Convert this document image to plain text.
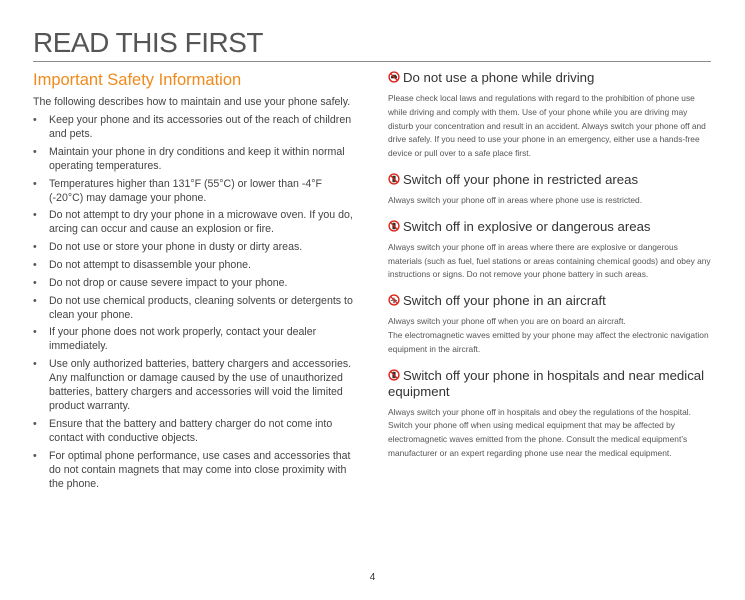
READ THIS FIRST
Important Safety Information

The following describes how to maintain and use your phone safely.

• Keep your phone and its accessories out of the reach of children and pets.
• Maintain your phone in dry conditions and keep it within normal operating temperatures.
• Temperatures higher than 131°F (55°C) or lower than -4°F (-20°C) may damage your phone.
• Do not attempt to dry your phone in a microwave oven. If you do, arcing can occur and cause an explosion or fire.
• Do not use or store your phone in dusty or dirty areas.
• Do not attempt to disassemble your phone.
• Do not drop or cause severe impact to your phone.
• Do not use chemical products, cleaning solvents or detergents to clean your phone.
• If your phone does not work properly, contact your dealer immediately.
• Use only authorized batteries, battery chargers and accessories. Any malfunction or damage caused by the use of unauthorized batteries, battery chargers and accessories will void the limited product warranty.
• Ensure that the battery and battery charger do not come into contact with conductive objects.
• For optimal phone performance, use cases and accessories that do not contain magnets that may come into close proximity with the phone.
Do not use a phone while driving

Please check local laws and regulations with regard to the prohibition of phone use while driving and comply with them. Use of your phone while you are driving may disturb your concentration and result in an accident. Always switch your phone off and drive safely. If you need to use your phone in an emergency, either use a hands-free device or pull over to a safe place first.

Switch off your phone in restricted areas

Always switch your phone off in areas where phone use is restricted.

Switch off in explosive or dangerous areas

Always switch your phone off in areas where there are explosive or dangerous materials (such as fuel, fuel stations or areas containing chemical goods) and obey any instructions or signs. Do not remove your phone battery in such areas.

Switch off your phone in an aircraft

Always switch your phone off when you are on board an aircraft.
The electromagnetic waves emitted by your phone may affect the electronic navigation equipment in the aircraft.

Switch off your phone in hospitals and near medical equipment

Always switch your phone off in hospitals and obey the regulations of the hospital. Switch your phone off when using medical equipment that may be affected by electromagnetic waves emitted from the phone. Consult the medical equipment’s manufacturer or an expert regarding phone use near the medical equipment.

4
